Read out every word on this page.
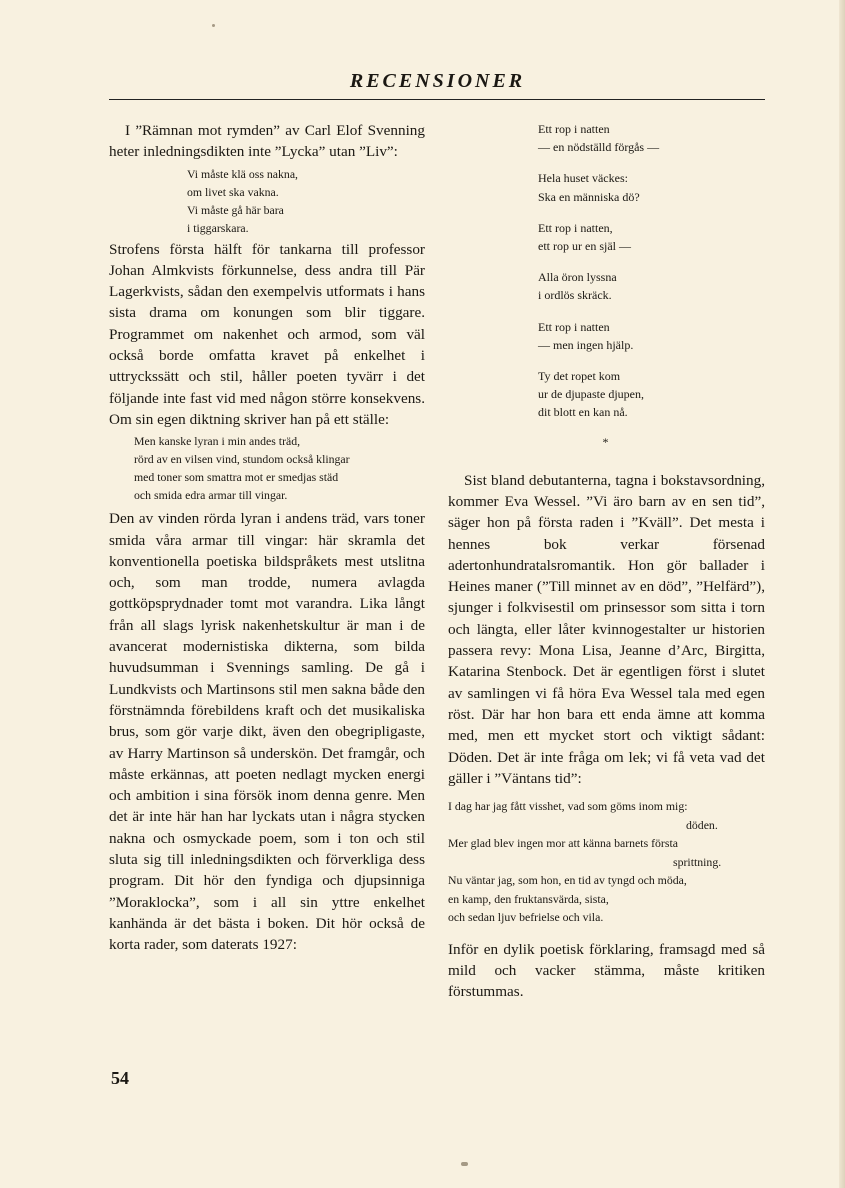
RECENSIONER

I ”Rämnan mot rymden” av Carl Elof Svenning heter inledningsdikten inte ”Lycka” utan ”Liv”:

Vi måste klä oss nakna,
om livet ska vakna.
Vi måste gå här bara
i tiggarskara.

Strofens första hälft för tankarna till professor Johan Almkvists förkunnelse, dess andra till Pär Lagerkvists, sådan den exempelvis utformats i hans sista drama om konungen som blir tiggare. Programmet om nakenhet och armod, som väl också borde omfatta kravet på enkelhet i uttryckssätt och stil, håller poeten tyvärr i det följande inte fast vid med någon större konsekvens. Om sin egen diktning skriver han på ett ställe:

Men kanske lyran i min andes träd,
rörd av en vilsen vind, stundom också klingar
med toner som smattra mot er smedjas städ
och smida edra armar till vingar.

Den av vinden rörda lyran i andens träd, vars toner smida våra armar till vingar: här skramla det konventionella poetiska bildspråkets mest utslitna och, som man trodde, numera avlagda gottköpsprydnader tomt mot varandra. Lika långt från all slags lyrisk nakenhetskultur är man i de avancerat modernistiska dikterna, som bilda huvudsumman i Svennings samling. De gå i Lundkvists och Martinsons stil men sakna både den förstnämnda förebildens kraft och det musikaliska brus, som gör varje dikt, även den obegripligaste, av Harry Martinson så underskön. Det framgår, och måste erkännas, att poeten nedlagt mycken energi och ambition i sina försök inom denna genre. Men det är inte här han har lyckats utan i några stycken nakna och osmyckade poem, som i ton och stil sluta sig till inledningsdikten och förverkliga dess program. Dit hör den fyndiga och djupsinniga ”Moraklocka”, som i all sin yttre enkelhet kanhända är det bästa i boken. Dit hör också de korta rader, som daterats 1927:

Ett rop i natten
— en nödställd förgås —
Hela huset väckes:
Ska en människa dö?
Ett rop i natten,
ett rop ur en själ —
Alla öron lyssna
i ordlös skräck.
Ett rop i natten
— men ingen hjälp.
Ty det ropet kom
ur de djupaste djupen,
dit blott en kan nå.
*

Sist bland debutanterna, tagna i bokstavsordning, kommer Eva Wessel. ”Vi äro barn av en sen tid”, säger hon på första raden i ”Kväll”. Det mesta i hennes bok verkar försenad adertonhundratalsromantik. Hon gör ballader i Heines maner (”Till minnet av en död”, ”Helfärd”), sjunger i folkvisestil om prinsessor som sitta i torn och längta, eller låter kvinnogestalter ur historien passera revy: Mona Lisa, Jeanne d’Arc, Birgitta, Katarina Stenbock. Det är egentligen först i slutet av samlingen vi få höra Eva Wessel tala med egen röst. Där har hon bara ett enda ämne att komma med, men ett mycket stort och viktigt sådant: Döden. Det är inte fråga om lek; vi få veta vad det gäller i ”Väntans tid”:

I dag har jag fått visshet, vad som göms inom mig:
döden.
Mer glad blev ingen mor att känna barnets första
sprittning.
Nu väntar jag, som hon, en tid av tyngd och möda,
en kamp, den fruktansvärda, sista,
och sedan ljuv befrielse och vila.

Inför en dylik poetisk förklaring, framsagd med så mild och vacker stämma, måste kritiken förstummas.

54
